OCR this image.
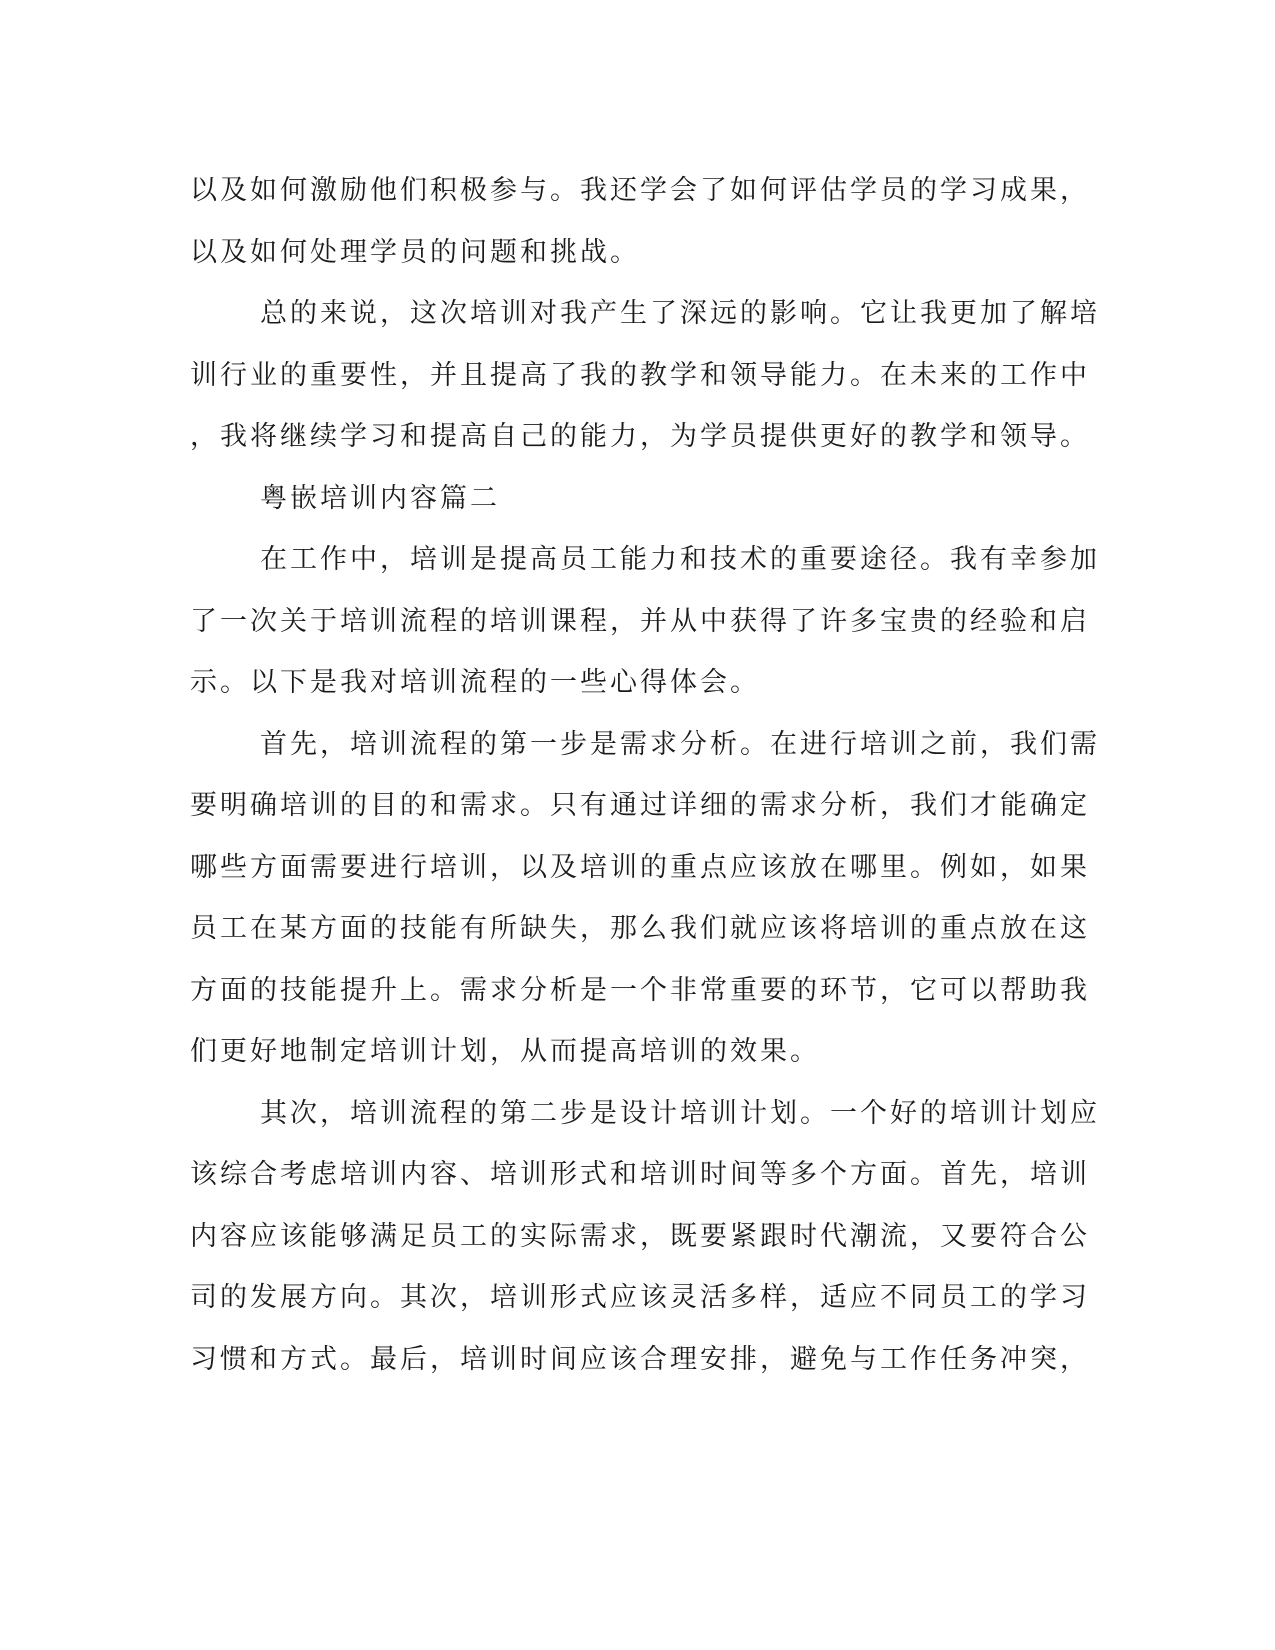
以及如何激励他们积极参与。我还学会了如何评估学员的学习成果，
以及如何处理学员的问题和挑战。
总的来说，这次培训对我产生了深远的影响。它让我更加了解培
训行业的重要性，并且提高了我的教学和领导能力。在未来的工作中
，我将继续学习和提高自己的能力，为学员提供更好的教学和领导。
粤嵌培训内容篇二
在工作中，培训是提高员工能力和技术的重要途径。我有幸参加
了一次关于培训流程的培训课程，并从中获得了许多宝贵的经验和启
示。以下是我对培训流程的一些心得体会。
首先，培训流程的第一步是需求分析。在进行培训之前，我们需
要明确培训的目的和需求。只有通过详细的需求分析，我们才能确定
哪些方面需要进行培训，以及培训的重点应该放在哪里。例如，如果
员工在某方面的技能有所缺失，那么我们就应该将培训的重点放在这
方面的技能提升上。需求分析是一个非常重要的环节，它可以帮助我
们更好地制定培训计划，从而提高培训的效果。
其次，培训流程的第二步是设计培训计划。一个好的培训计划应
该综合考虑培训内容、培训形式和培训时间等多个方面。首先，培训
内容应该能够满足员工的实际需求，既要紧跟时代潮流，又要符合公
司的发展方向。其次，培训形式应该灵活多样，适应不同员工的学习
习惯和方式。最后，培训时间应该合理安排，避免与工作任务冲突，
